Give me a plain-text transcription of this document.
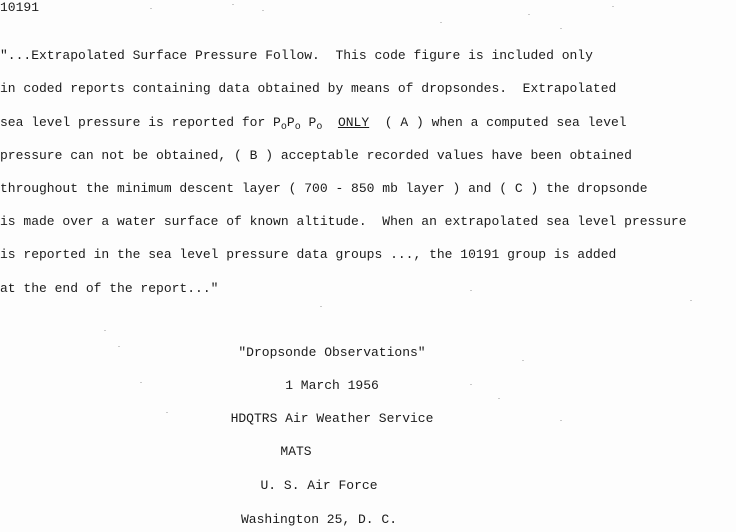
10191
"...Extrapolated Surface Pressure Follow.  This code figure is included only
in coded reports containing data obtained by means of dropsondes.  Extrapolated
sea level pressure is reported for $P_oP_o$ $P_o$ ONLY  ( A ) when a computed sea level
pressure can not be obtained, ( B ) acceptable recorded values have been obtained
throughout the minimum descent layer ( 700 - 850 mb layer ) and ( C ) the dropsonde
is made over a water surface of known altitude.  When an extrapolated sea level pressure
is reported in the sea level pressure data groups ..., the 10191 group is added
at the end of the report..."
"Dropsonde Observations"
1 March 1956
HDQTRS Air Weather Service
MATS
U. S. Air Force
Washington 25, D. C.
